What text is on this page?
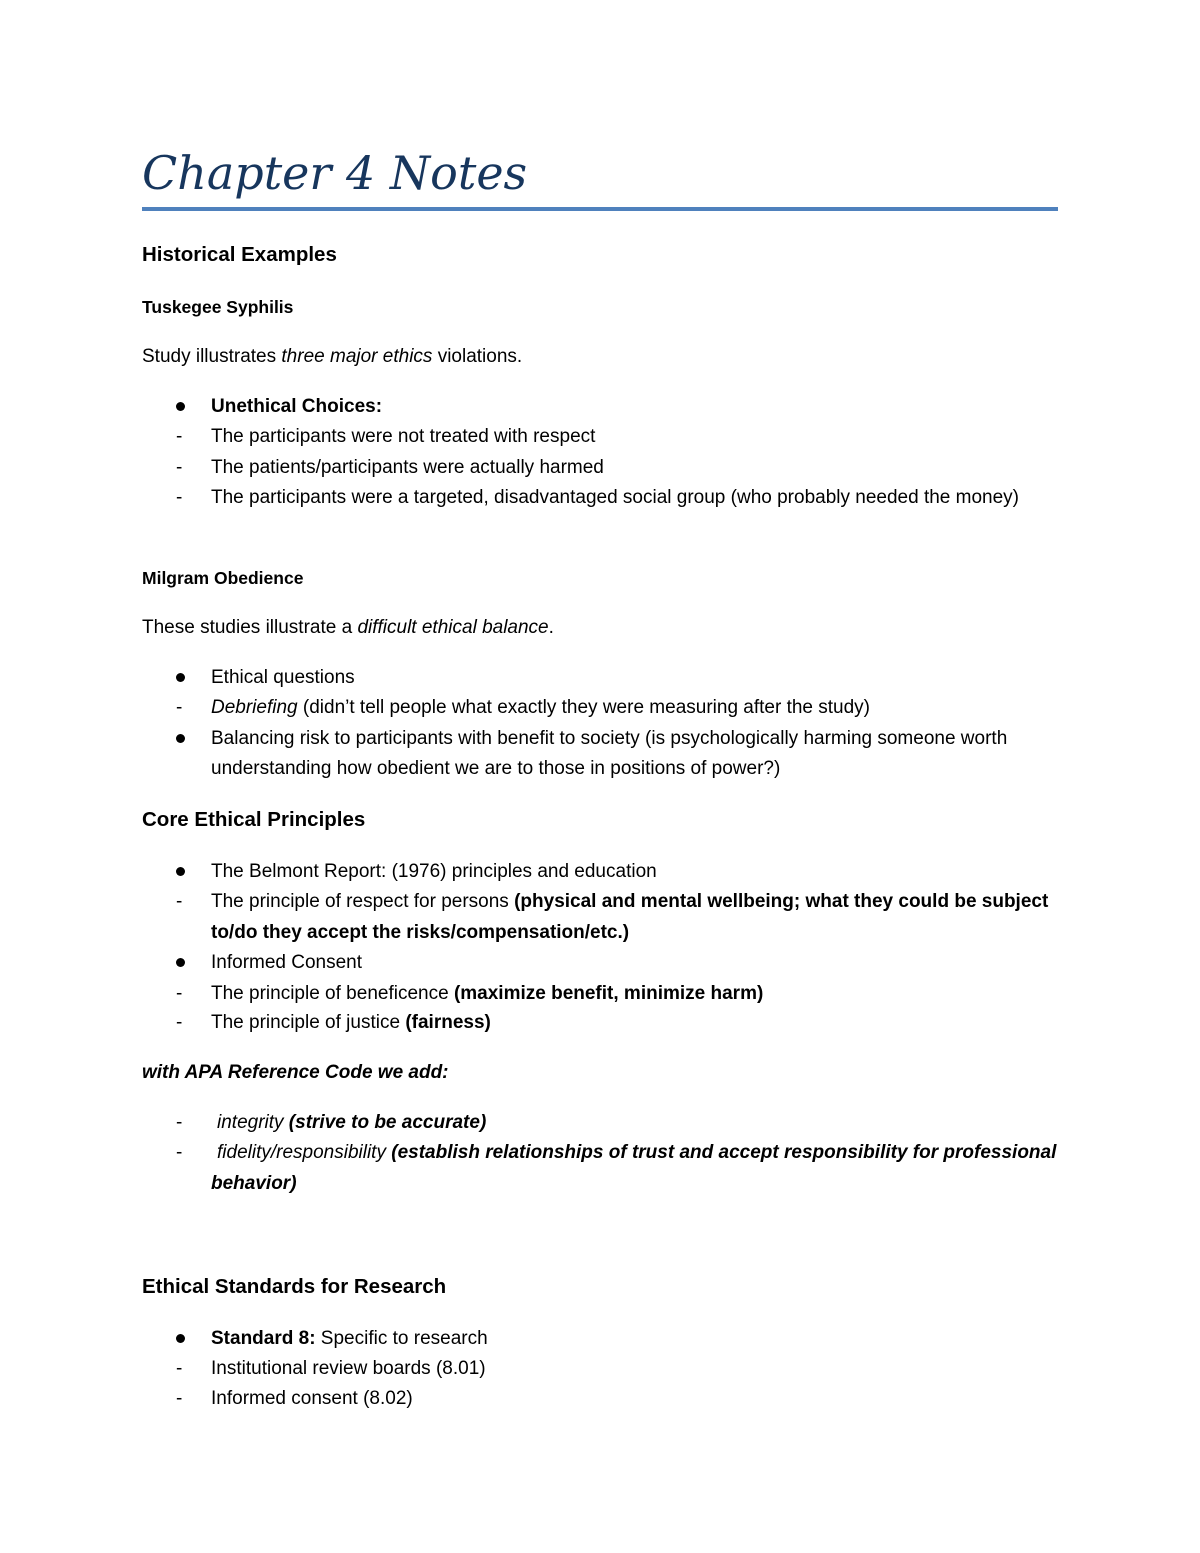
Chapter 4 Notes
Historical Examples
Tuskegee Syphilis
Study illustrates three major ethics violations.
Unethical Choices:
- The participants were not treated with respect
- The patients/participants were actually harmed
- The participants were a targeted, disadvantaged social group (who probably needed the money)
Milgram Obedience
These studies illustrate a difficult ethical balance.
Ethical questions
- Debriefing (didn’t tell people what exactly they were measuring after the study)
Balancing risk to participants with benefit to society (is psychologically harming someone worth
understanding how obedient we are to those in positions of power?)
Core Ethical Principles
The Belmont Report: (1976) principles and education
- The principle of respect for persons (physical and mental wellbeing; what they could be subject
to/do they accept the risks/compensation/etc.)
Informed Consent
- The principle of beneficence (maximize benefit, minimize harm)
- The principle of justice (fairness)
with APA Reference Code we add:
- integrity (strive to be accurate)
- fidelity/responsibility (establish relationships of trust and accept responsibility for professional
behavior)
Ethical Standards for Research
Standard 8: Specific to research
- Institutional review boards (8.01)
- Informed consent (8.02)
